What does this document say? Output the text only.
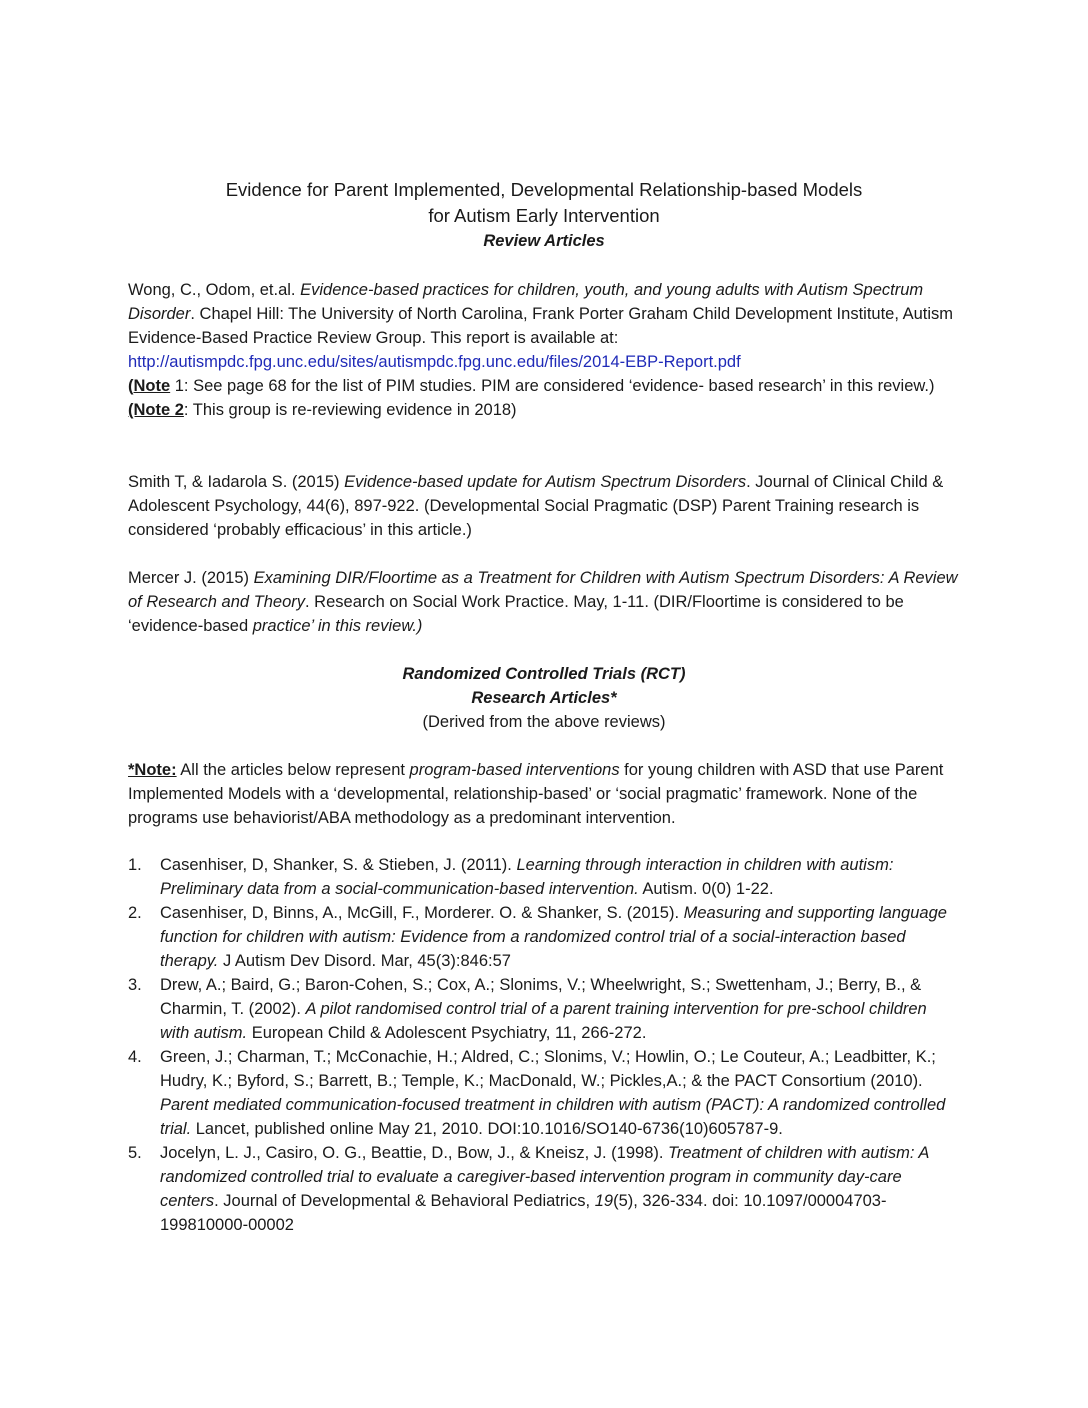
Evidence for Parent Implemented, Developmental Relationship-based Models
for Autism Early Intervention
Review Articles
Wong, C., Odom, et.al. Evidence-based practices for children, youth, and young adults with Autism Spectrum Disorder. Chapel Hill: The University of North Carolina, Frank Porter Graham Child Development Institute, Autism Evidence-Based Practice Review Group. This report is available at: http://autismpdc.fpg.unc.edu/sites/autismpdc.fpg.unc.edu/files/2014-EBP-Report.pdf
(Note 1: See page 68 for the list of PIM studies. PIM are considered ‘evidence- based research’ in this review.)
(Note 2: This group is re-reviewing evidence in 2018)
Smith T, & Iadarola S. (2015) Evidence-based update for Autism Spectrum Disorders. Journal of Clinical Child & Adolescent Psychology, 44(6), 897-922. (Developmental Social Pragmatic (DSP) Parent Training research is considered ‘probably efficacious’ in this article.)
Mercer J. (2015) Examining DIR/Floortime as a Treatment for Children with Autism Spectrum Disorders: A Review of Research and Theory. Research on Social Work Practice. May, 1-11. (DIR/Floortime is considered to be ‘evidence-based practice’ in this review.)
Randomized Controlled Trials (RCT)
Research Articles*
(Derived from the above reviews)
*Note: All the articles below represent program-based interventions for young children with ASD that use Parent Implemented Models with a ‘developmental, relationship-based’ or ‘social pragmatic’ framework. None of the programs use behaviorist/ABA methodology as a predominant intervention.
1. Casenhiser, D, Shanker, S. & Stieben, J. (2011). Learning through interaction in children with autism: Preliminary data from a social-communication-based intervention. Autism. 0(0) 1-22.
2. Casenhiser, D, Binns, A., McGill, F., Morderer. O. & Shanker, S. (2015). Measuring and supporting language function for children with autism: Evidence from a randomized control trial of a social-interaction based therapy. J Autism Dev Disord. Mar, 45(3):846:57
3. Drew, A.; Baird, G.; Baron-Cohen, S.; Cox, A.; Slonims, V.; Wheelwright, S.; Swettenham, J.; Berry, B., & Charmin, T. (2002). A pilot randomised control trial of a parent training intervention for pre-school children with autism. European Child & Adolescent Psychiatry, 11, 266-272.
4. Green, J.; Charman, T.; McConachie, H.; Aldred, C.; Slonims, V.; Howlin, O.; Le Couteur, A.; Leadbitter, K.; Hudry, K.; Byford, S.; Barrett, B.; Temple, K.; MacDonald, W.; Pickles,A.; & the PACT Consortium (2010). Parent mediated communication-focused treatment in children with autism (PACT): A randomized controlled trial. Lancet, published online May 21, 2010. DOI:10.1016/SO140-6736(10)605787-9.
5. Jocelyn, L. J., Casiro, O. G., Beattie, D., Bow, J., & Kneisz, J. (1998). Treatment of children with autism: A randomized controlled trial to evaluate a caregiver-based intervention program in community day-care centers. Journal of Developmental & Behavioral Pediatrics, 19(5), 326-334. doi: 10.1097/00004703-199810000-00002
